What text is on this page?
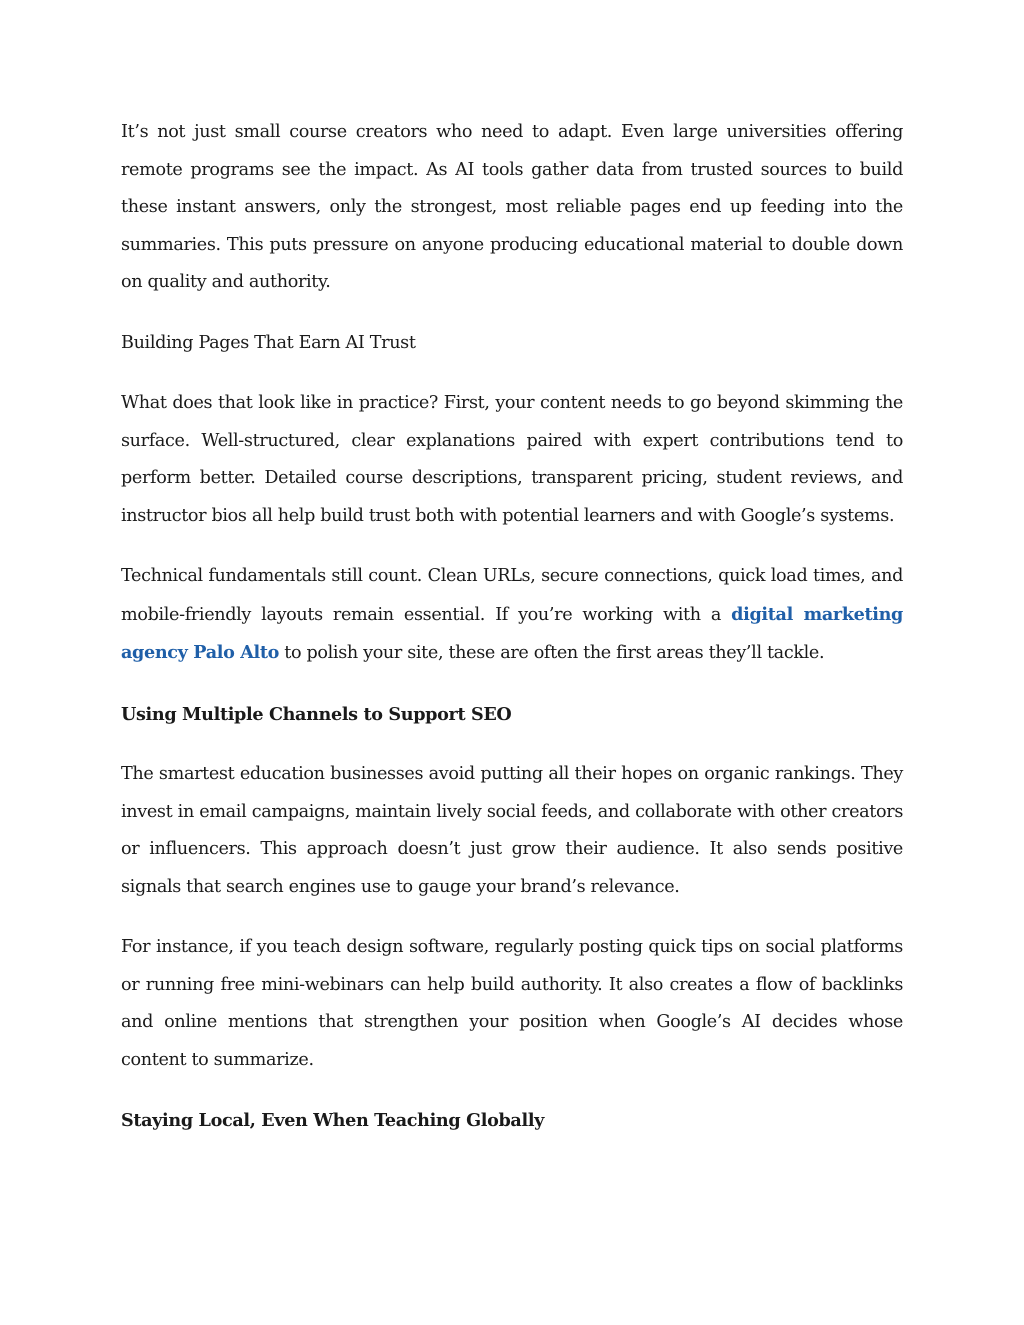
It’s not just small course creators who need to adapt. Even large universities offering remote programs see the impact. As AI tools gather data from trusted sources to build these instant answers, only the strongest, most reliable pages end up feeding into the summaries. This puts pressure on anyone producing educational material to double down on quality and authority.

Building Pages That Earn AI Trust

What does that look like in practice? First, your content needs to go beyond skimming the surface. Well-structured, clear explanations paired with expert contributions tend to perform better. Detailed course descriptions, transparent pricing, student reviews, and instructor bios all help build trust both with potential learners and with Google’s systems.

Technical fundamentals still count. Clean URLs, secure connections, quick load times, and mobile-friendly layouts remain essential. If you’re working with a digital marketing agency Palo Alto to polish your site, these are often the first areas they’ll tackle.

Using Multiple Channels to Support SEO

The smartest education businesses avoid putting all their hopes on organic rankings. They invest in email campaigns, maintain lively social feeds, and collaborate with other creators or influencers. This approach doesn’t just grow their audience. It also sends positive signals that search engines use to gauge your brand’s relevance.

For instance, if you teach design software, regularly posting quick tips on social platforms or running free mini-webinars can help build authority. It also creates a flow of backlinks and online mentions that strengthen your position when Google’s AI decides whose content to summarize.

Staying Local, Even When Teaching Globally
